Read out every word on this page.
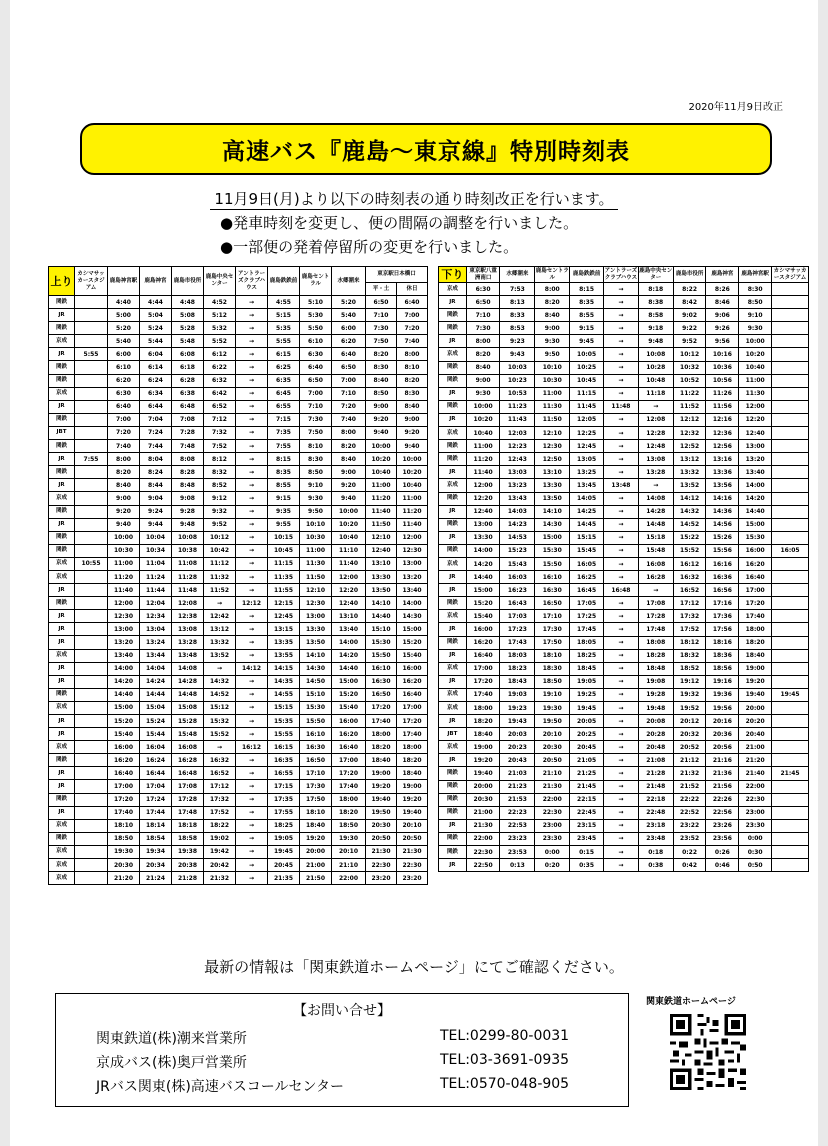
2020年11月9日改正
高速バス『鹿島〜東京線』特別時刻表
11月9日(月)より以下の時刻表の通り時刻改正を行います。
●発車時刻を変更し、便の間隔の調整を行いました。
●一部便の発着停留所の変更を行いました。
上り	カシマサッカースタジアム	鹿島神宮駅	鹿島神宮	鹿島市役所	鹿島中央センター	アントラーズクラブハウス	鹿島鉄鉄前	鹿島セントラル	水郷潮来	東京駅日本橋口	
										平・土	休日
関鉄		4:40	4:44	4:48	4:52	→	4:55	5:10	5:20	6:50	6:40
JR		5:00	5:04	5:08	5:12	→	5:15	5:30	5:40	7:10	7:00
関鉄		5:20	5:24	5:28	5:32	→	5:35	5:50	6:00	7:30	7:20
京成		5:40	5:44	5:48	5:52	→	5:55	6:10	6:20	7:50	7:40
JR	5:55	6:00	6:04	6:08	6:12	→	6:15	6:30	6:40	8:20	8:00
関鉄		6:10	6:14	6:18	6:22	→	6:25	6:40	6:50	8:30	8:10
関鉄		6:20	6:24	6:28	6:32	→	6:35	6:50	7:00	8:40	8:20
京成		6:30	6:34	6:38	6:42	→	6:45	7:00	7:10	8:50	8:30
JR		6:40	6:44	6:48	6:52	→	6:55	7:10	7:20	9:00	8:40
関鉄		7:00	7:04	7:08	7:12	→	7:15	7:30	7:40	9:20	9:00
JBT		7:20	7:24	7:28	7:32	→	7:35	7:50	8:00	9:40	9:20
関鉄		7:40	7:44	7:48	7:52	→	7:55	8:10	8:20	10:00	9:40
JR	7:55	8:00	8:04	8:08	8:12	→	8:15	8:30	8:40	10:20	10:00
関鉄		8:20	8:24	8:28	8:32	→	8:35	8:50	9:00	10:40	10:20
JR		8:40	8:44	8:48	8:52	→	8:55	9:10	9:20	11:00	10:40
京成		9:00	9:04	9:08	9:12	→	9:15	9:30	9:40	11:20	11:00
関鉄		9:20	9:24	9:28	9:32	→	9:35	9:50	10:00	11:40	11:20
JR		9:40	9:44	9:48	9:52	→	9:55	10:10	10:20	11:50	11:40
関鉄		10:00	10:04	10:08	10:12	→	10:15	10:30	10:40	12:10	12:00
関鉄		10:30	10:34	10:38	10:42	→	10:45	11:00	11:10	12:40	12:30
京成	10:55	11:00	11:04	11:08	11:12	→	11:15	11:30	11:40	13:10	13:00
京成		11:20	11:24	11:28	11:32	→	11:35	11:50	12:00	13:30	13:20
JR		11:40	11:44	11:48	11:52	→	11:55	12:10	12:20	13:50	13:40
関鉄		12:00	12:04	12:08	→	12:12	12:15	12:30	12:40	14:10	14:00
JR		12:30	12:34	12:38	12:42	→	12:45	13:00	13:10	14:40	14:30
JR		13:00	13:04	13:08	13:12	→	13:15	13:30	13:40	15:10	15:00
JR		13:20	13:24	13:28	13:32	→	13:35	13:50	14:00	15:30	15:20
京成		13:40	13:44	13:48	13:52	→	13:55	14:10	14:20	15:50	15:40
JR		14:00	14:04	14:08	→	14:12	14:15	14:30	14:40	16:10	16:00
JR		14:20	14:24	14:28	14:32	→	14:35	14:50	15:00	16:30	16:20
関鉄		14:40	14:44	14:48	14:52	→	14:55	15:10	15:20	16:50	16:40
京成		15:00	15:04	15:08	15:12	→	15:15	15:30	15:40	17:20	17:00
JR		15:20	15:24	15:28	15:32	→	15:35	15:50	16:00	17:40	17:20
JR		15:40	15:44	15:48	15:52	→	15:55	16:10	16:20	18:00	17:40
京成		16:00	16:04	16:08	→	16:12	16:15	16:30	16:40	18:20	18:00
関鉄		16:20	16:24	16:28	16:32	→	16:35	16:50	17:00	18:40	18:20
JR		16:40	16:44	16:48	16:52	→	16:55	17:10	17:20	19:00	18:40
JR		17:00	17:04	17:08	17:12	→	17:15	17:30	17:40	19:20	19:00
関鉄		17:20	17:24	17:28	17:32	→	17:35	17:50	18:00	19:40	19:20
JR		17:40	17:44	17:48	17:52	→	17:55	18:10	18:20	19:50	19:40
京成		18:10	18:14	18:18	18:22	→	18:25	18:40	18:50	20:30	20:10
関鉄		18:50	18:54	18:58	19:02	→	19:05	19:20	19:30	20:50	20:50
京成		19:30	19:34	19:38	19:42	→	19:45	20:00	20:10	21:30	21:30
京成		20:30	20:34	20:38	20:42	→	20:45	21:00	21:10	22:30	22:30
京成		21:20	21:24	21:28	21:32	→	21:35	21:50	22:00	23:20	23:20
下り	東京駅八重洲南口	水郷潮来	鹿島セントラル	鹿島鉄鉄前	アントラーズクラブハウス	鹿島中央センター	鹿島市役所	鹿島神宮	鹿島神宮駅	カシマサッカースタジアム

京成	6:30	7:53	8:00	8:15	→	8:18	8:22	8:26	8:30	
JR	6:50	8:13	8:20	8:35	→	8:38	8:42	8:46	8:50	
関鉄	7:10	8:33	8:40	8:55	→	8:58	9:02	9:06	9:10	
関鉄	7:30	8:53	9:00	9:15	→	9:18	9:22	9:26	9:30	
JR	8:00	9:23	9:30	9:45	→	9:48	9:52	9:56	10:00	
京成	8:20	9:43	9:50	10:05	→	10:08	10:12	10:16	10:20	
関鉄	8:40	10:03	10:10	10:25	→	10:28	10:32	10:36	10:40	
関鉄	9:00	10:23	10:30	10:45	→	10:48	10:52	10:56	11:00	
JR	9:30	10:53	11:00	11:15	→	11:18	11:22	11:26	11:30	
関鉄	10:00	11:23	11:30	11:45	11:48	→	11:52	11:56	12:00	
JR	10:20	11:43	11:50	12:05	→	12:08	12:12	12:16	12:20	
京成	10:40	12:03	12:10	12:25	→	12:28	12:32	12:36	12:40	
関鉄	11:00	12:23	12:30	12:45	→	12:48	12:52	12:56	13:00	
関鉄	11:20	12:43	12:50	13:05	→	13:08	13:12	13:16	13:20	
JR	11:40	13:03	13:10	13:25	→	13:28	13:32	13:36	13:40	
京成	12:00	13:23	13:30	13:45	13:48	→	13:52	13:56	14:00	
関鉄	12:20	13:43	13:50	14:05	→	14:08	14:12	14:16	14:20	
JR	12:40	14:03	14:10	14:25	→	14:28	14:32	14:36	14:40	
関鉄	13:00	14:23	14:30	14:45	→	14:48	14:52	14:56	15:00	
JR	13:30	14:53	15:00	15:15	→	15:18	15:22	15:26	15:30	
関鉄	14:00	15:23	15:30	15:45	→	15:48	15:52	15:56	16:00	16:05
京成	14:20	15:43	15:50	16:05	→	16:08	16:12	16:16	16:20	
JR	14:40	16:03	16:10	16:25	→	16:28	16:32	16:36	16:40	
JR	15:00	16:23	16:30	16:45	16:48	→	16:52	16:56	17:00	
関鉄	15:20	16:43	16:50	17:05	→	17:08	17:12	17:16	17:20	
京成	15:40	17:03	17:10	17:25	→	17:28	17:32	17:36	17:40	
JR	16:00	17:23	17:30	17:45	→	17:48	17:52	17:56	18:00	
関鉄	16:20	17:43	17:50	18:05	→	18:08	18:12	18:16	18:20	
JR	16:40	18:03	18:10	18:25	→	18:28	18:32	18:36	18:40	
京成	17:00	18:23	18:30	18:45	→	18:48	18:52	18:56	19:00	
JR	17:20	18:43	18:50	19:05	→	19:08	19:12	19:16	19:20	
京成	17:40	19:03	19:10	19:25	→	19:28	19:32	19:36	19:40	19:45
京成	18:00	19:23	19:30	19:45	→	19:48	19:52	19:56	20:00	
JR	18:20	19:43	19:50	20:05	→	20:08	20:12	20:16	20:20	
JBT	18:40	20:03	20:10	20:25	→	20:28	20:32	20:36	20:40	
京成	19:00	20:23	20:30	20:45	→	20:48	20:52	20:56	21:00	
JR	19:20	20:43	20:50	21:05	→	21:08	21:12	21:16	21:20	
関鉄	19:40	21:03	21:10	21:25	→	21:28	21:32	21:36	21:40	21:45
関鉄	20:00	21:23	21:30	21:45	→	21:48	21:52	21:56	22:00	
関鉄	20:30	21:53	22:00	22:15	→	22:18	22:22	22:26	22:30	
関鉄	21:00	22:23	22:30	22:45	→	22:48	22:52	22:56	23:00	
JR	21:30	22:53	23:00	23:15	→	23:18	23:22	23:26	23:30	
関鉄	22:00	23:23	23:30	23:45	→	23:48	23:52	23:56	0:00	
関鉄	22:30	23:53	0:00	0:15	→	0:18	0:22	0:26	0:30	
JR	22:50	0:13	0:20	0:35	→	0:38	0:42	0:46	0:50	
最新の情報は「関東鉄道ホームページ」にてご確認ください。
【お問い合せ】
関東鉄道(株)潮来営業所	TEL:0299-80-0031
京成バス(株)奥戸営業所	TEL:03-3691-0935
JRバス関東(株)高速バスコールセンター	TEL:0570-048-905
関東鉄道ホームページ
